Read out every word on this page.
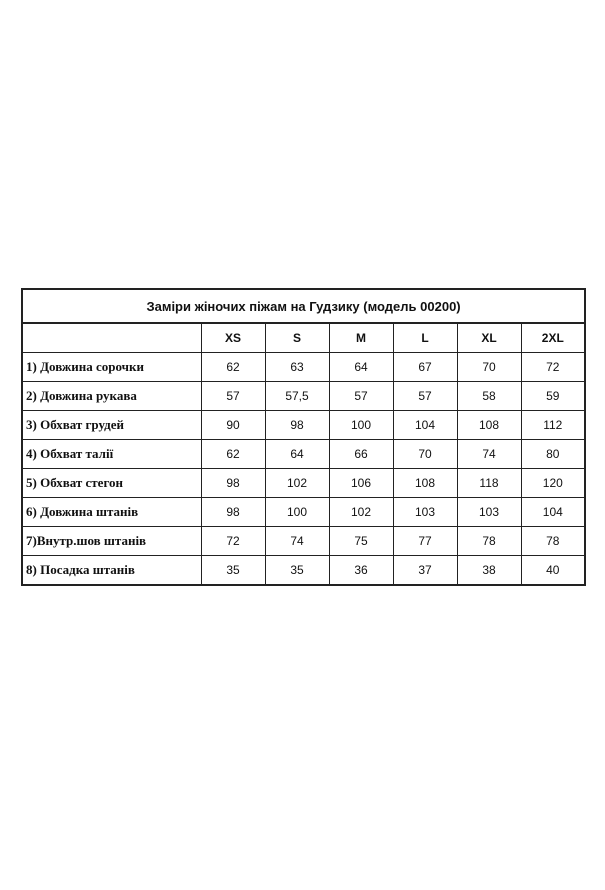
Заміри жіночих піжам на Гудзику (модель 00200)						
	XS	S	M	L	XL	2XL
1) Довжина сорочки	62	63	64	67	70	72
2) Довжина рукава	57	57,5	57	57	58	59
3) Обхват грудей	90	98	100	104	108	112
4) Обхват талії	62	64	66	70	74	80
5) Обхват стегон	98	102	106	108	118	120
6) Довжина штанів	98	100	102	103	103	104
7)Внутр.шов штанів	72	74	75	77	78	78
8) Посадка штанів	35	35	36	37	38	40
